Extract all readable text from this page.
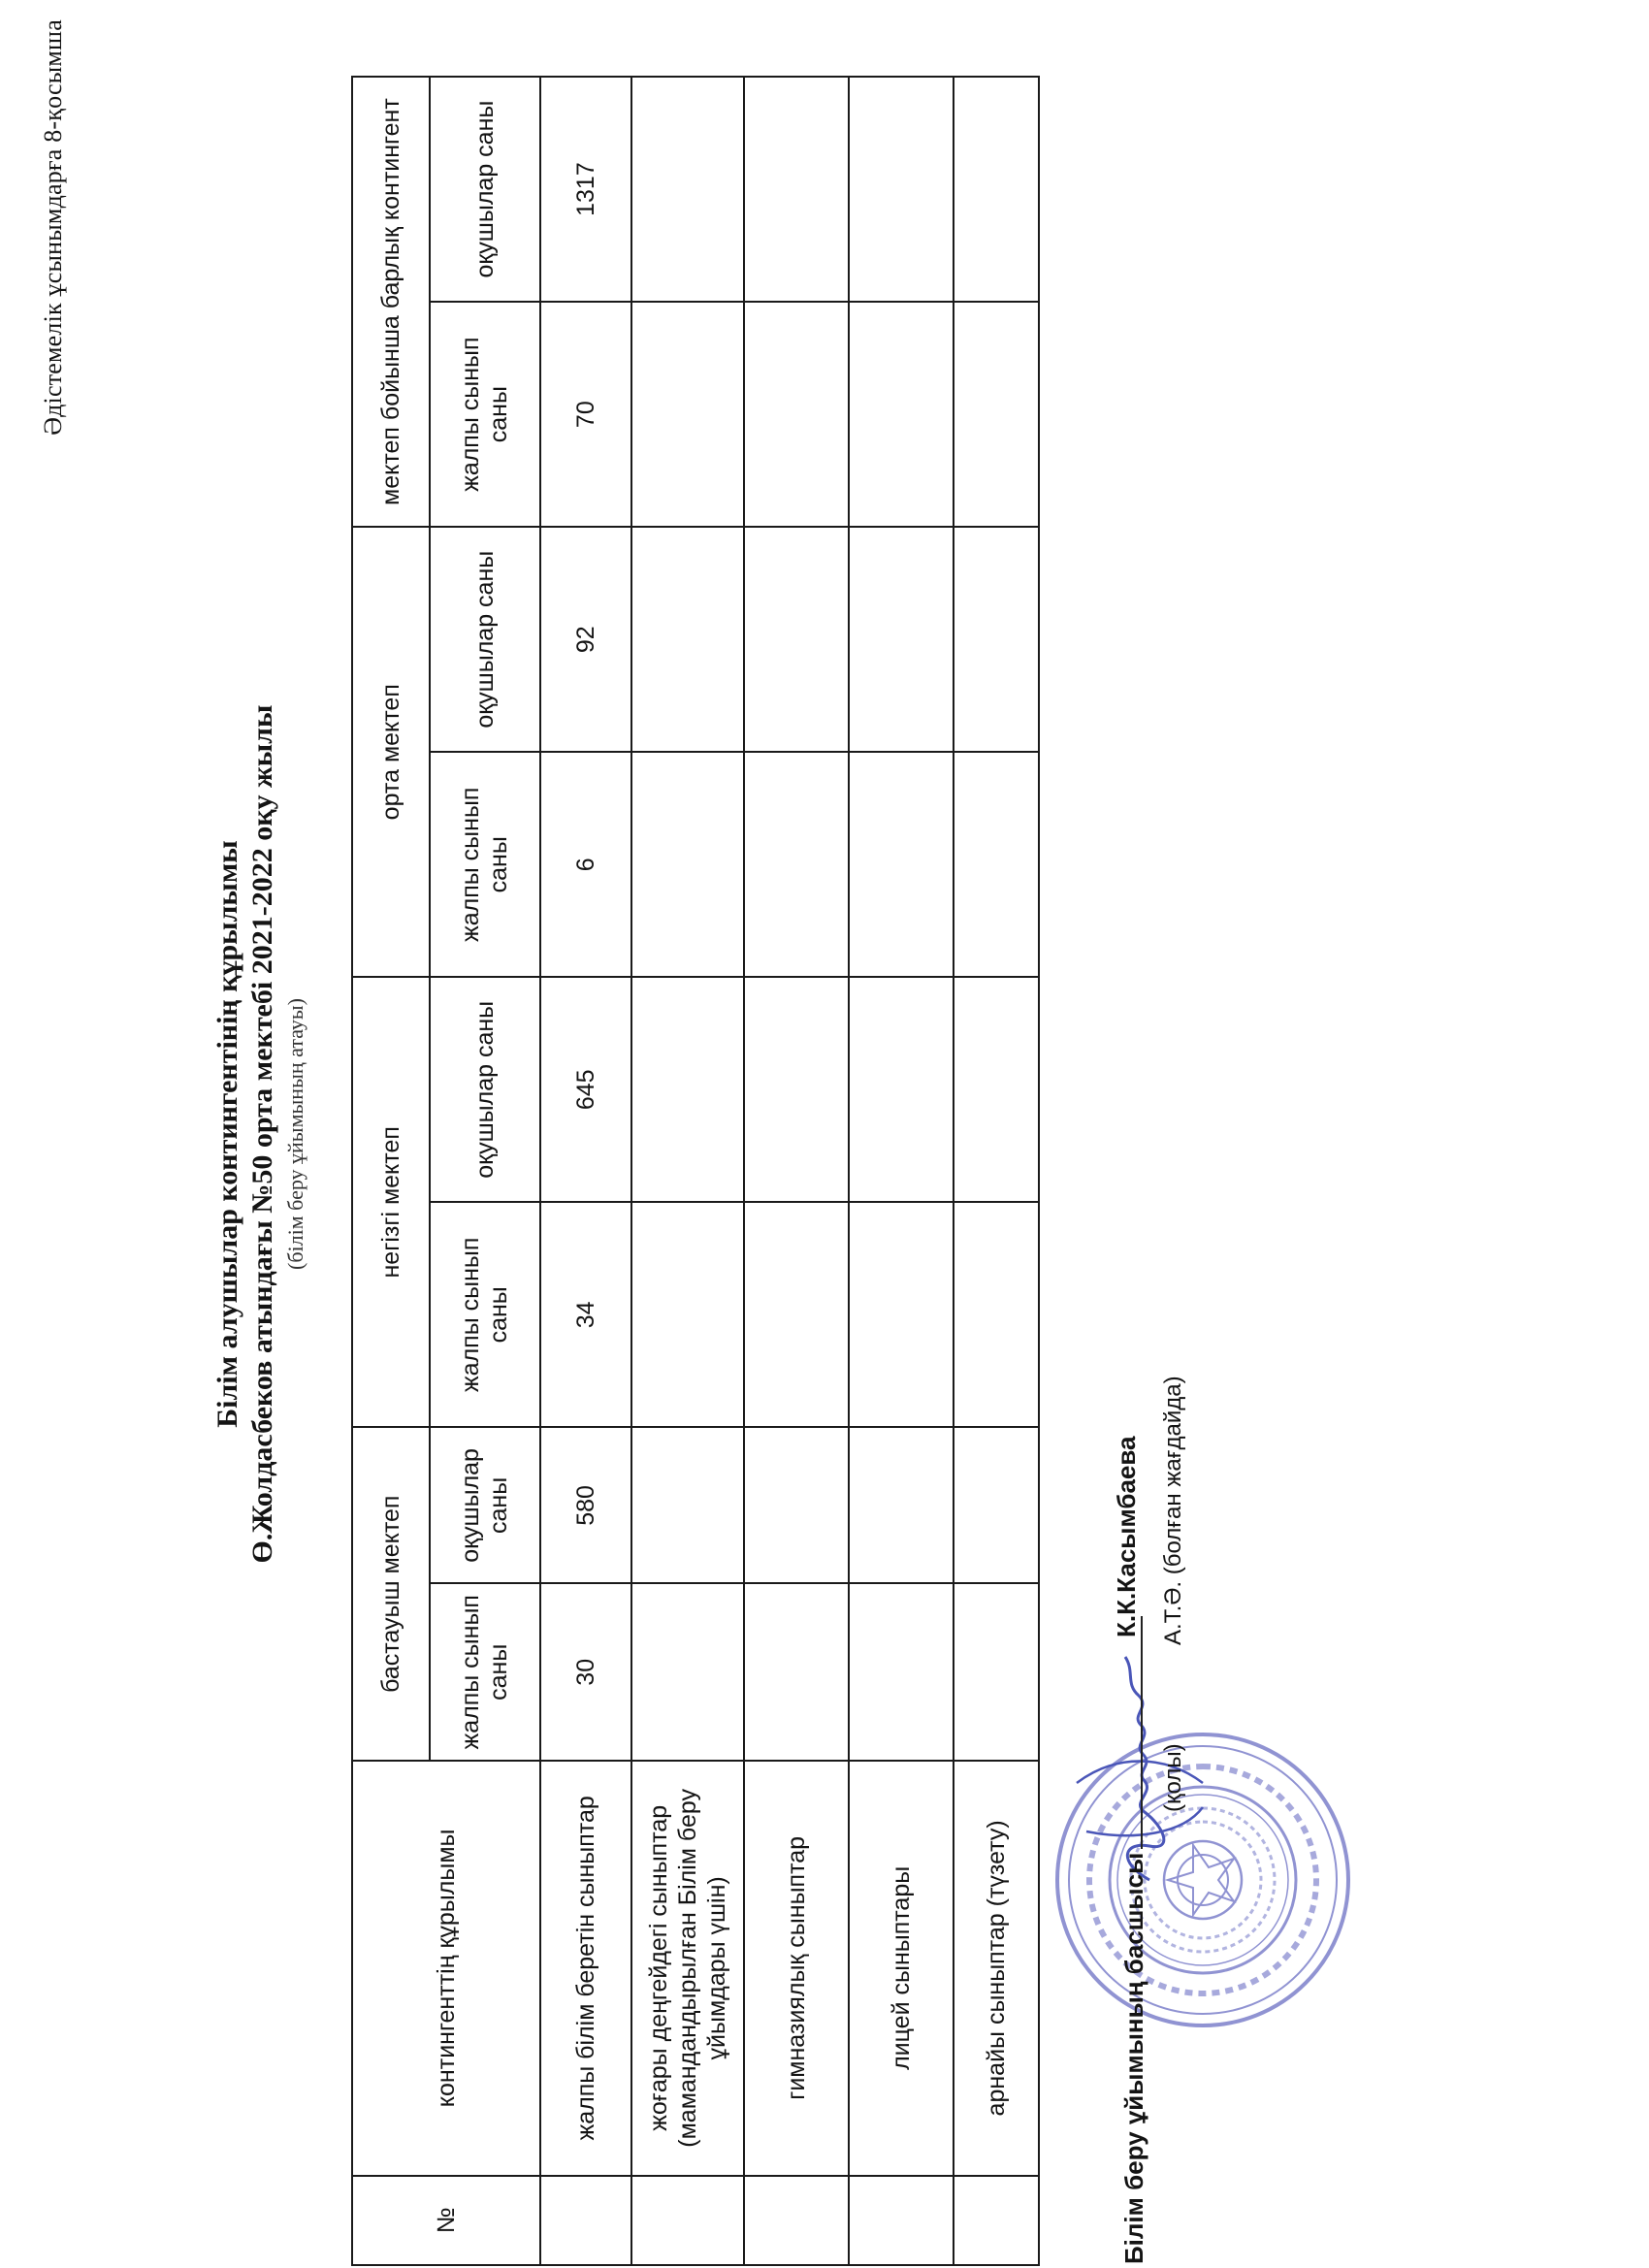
Әдістемелік ұсынымдарға 8-қосымша
Білім алушылар контингентінің құрылымы Ө.Жолдасбеков атындағы №50 орта мектебі 2021-2022 оқу жылы (білім беру ұйымының атауы)
№	контингенттің құрылымы	бастауыш мектеп		негізгі мектеп		орта мектеп		мектеп бойынша барлық контингент	
		жалпы сынып саны	оқушылар саны	жалпы сынып саны	оқушылар саны	жалпы сынып саны	оқушылар саны	жалпы сынып саны	оқушылар саны
	жалпы білім беретін сыныптар	30	580	34	645	6	92	70	1317
	жоғары деңгейдегі сыныптар (мамандандырылған Білім беру ұйымдары үшін)								
	гимназиялық сыныптар								
	лицей сыныптары								
	арнайы сыныптар (түзету)									Білім беру ұйымының басшысы
К.К.Касымбаева
(қолы)
А.Т.Ә. (болған жағдайда)
